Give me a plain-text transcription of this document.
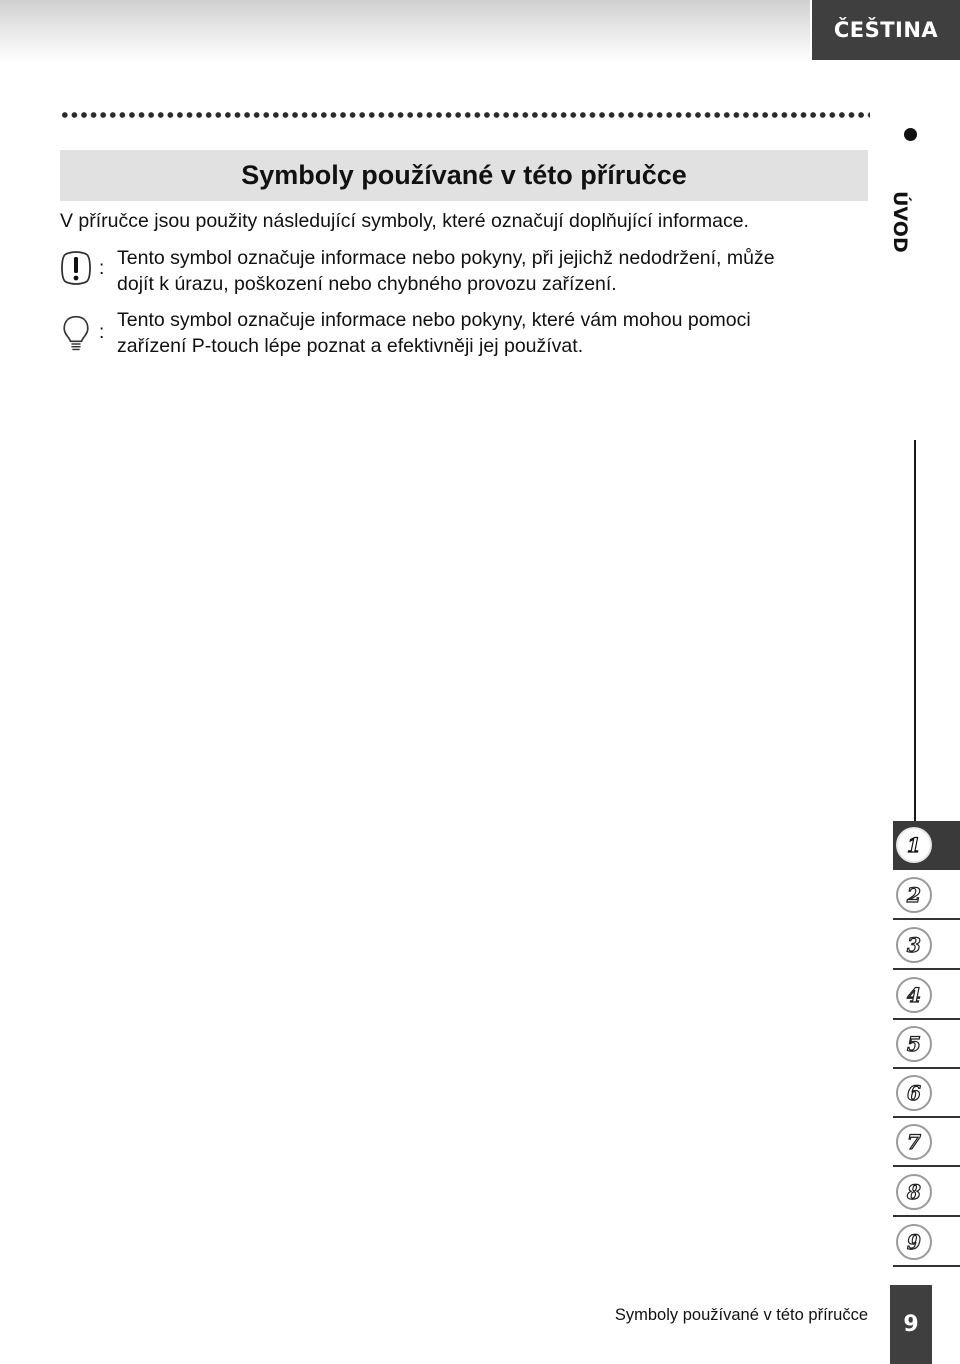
ČEŠTINA
Symboly používané v této příručce
ÚVOD
V příručce jsou použity následující symboly, které označují doplňující informace.
: Tento symbol označuje informace nebo pokyny, při jejichž nedodržení, může
dojít k úrazu, poškození nebo chybného provozu zařízení.
:
Tento symbol označuje informace nebo pokyny, které vám mohou pomoci
zařízení P-touch lépe poznat a efektivněji jej používat.
1
2
3
4
5
6
7
8
9
Symboly používané v této příručce	9
